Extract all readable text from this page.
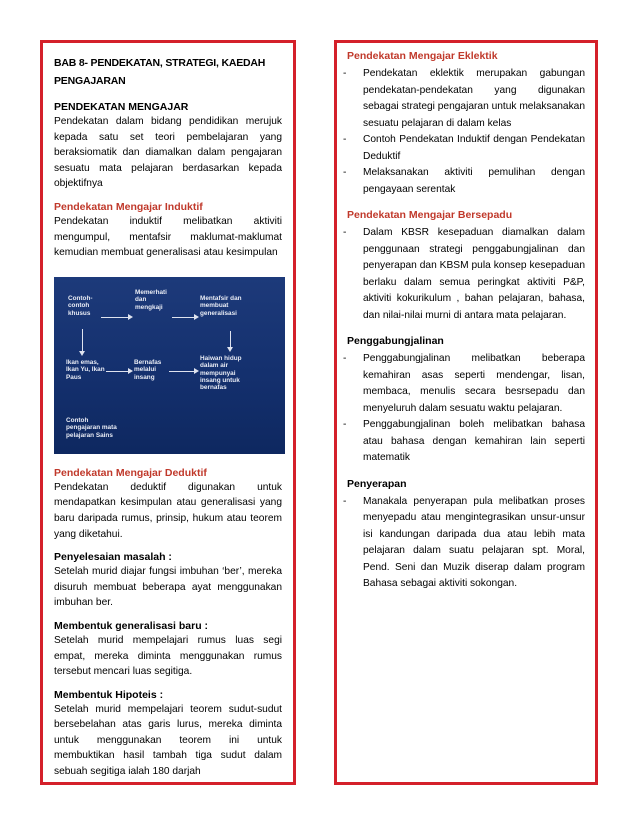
BAB 8- PENDEKATAN, STRATEGI, KAEDAH PENGAJARAN
PENDEKATAN MENGAJAR

Pendekatan dalam bidang pendidikan merujuk kepada satu set teori pembelajaran yang beraksiomatik dan diamalkan dalam pengajaran sesuatu mata pelajaran berdasarkan kepada objektifnya

Pendekatan Mengajar Induktif

Pendekatan induktif melibatkan aktiviti mengumpul, mentafsir maklumat-maklumat kemudian membuat generalisasi atau kesimpulan

Contoh-
contoh
khusus
Memerhati
dan
mengkaji
Mentafsir dan
membuat
generalisasi
Ikan emas,
Ikan Yu, Ikan
Paus
Bernafas
melalui
insang
Haiwan hidup
dalam air
mempunyai
insang untuk
bernafas
Contoh
pengajaran mata
pelajaran Sains
Pendekatan Mengajar Deduktif

Pendekatan deduktif digunakan untuk mendapatkan kesimpulan atau generalisasi yang baru daripada rumus, prinsip, hukum atau teorem yang diketahui.

Penyelesaian masalah :

Setelah murid diajar fungsi imbuhan ‘ber’, mereka disuruh membuat beberapa ayat menggunakan imbuhan ber.

Membentuk generalisasi baru :

Setelah murid mempelajari rumus luas segi empat, mereka diminta menggunakan rumus tersebut mencari luas segitiga.

Membentuk Hipoteis :

Setelah murid mempelajari teorem sudut-sudut bersebelahan atas garis lurus, mereka diminta untuk menggunakan teorem ini untuk membuktikan hasil tambah tiga sudut dalam sebuah segitiga ialah 180 darjah

Pendekatan Mengajar Eklektik
- Pendekatan eklektik merupakan gabungan pendekatan-pendekatan yang digunakan sebagai strategi pengajaran untuk melaksanakan sesuatu pelajaran di dalam kelas
- Contoh Pendekatan Induktif dengan Pendekatan Deduktif
- Melaksanakan aktiviti pemulihan dengan pengayaan serentak
Pendekatan Mengajar Bersepadu
- Dalam KBSR kesepaduan diamalkan dalam penggunaan strategi penggabungjalinan dan penyerapan dan KBSM pula konsep kesepaduan berlaku dalam semua peringkat aktiviti P&P, aktiviti kokurikulum , bahan pelajaran, bahasa, dan nilai-nilai murni di antara mata pelajaran.
Penggabungjalinan
- Penggabungjalinan melibatkan beberapa kemahiran asas seperti mendengar, lisan, membaca, menulis secara besrsepadu dan menyeluruh dalam sesuatu waktu pelajaran.
- Penggabungjalinan boleh melibatkan bahasa atau bahasa dengan kemahiran lain seperti matematik
Penyerapan
- Manakala penyerapan pula melibatkan proses menyepadu atau mengintegrasikan unsur-unsur isi kandungan daripada dua atau lebih mata pelajaran dalam suatu pelajaran spt. Moral, Pend. Seni dan Muzik diserap dalam program Bahasa sebagai aktiviti sokongan.
